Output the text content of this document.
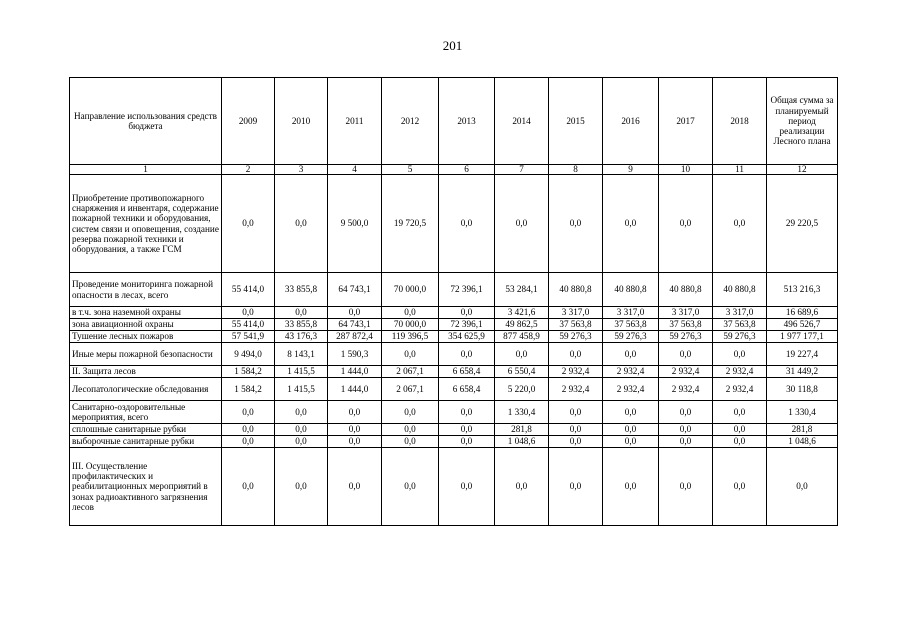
201
Направление использования средств бюджета	2009	2010	2011	2012	2013	2014	2015	2016	2017	2018	Общая сумма за планируемый период реализации Лесного плана
1	2	3	4	5	6	7	8	9	10	11	12
Приобретение противопожарного снаряжения и инвентаря, содержание пожарной техники и оборудования, систем связи и оповещения, создание резерва пожарной техники и оборудования, а также ГСМ	0,0	0,0	9 500,0	19 720,5	0,0	0,0	0,0	0,0	0,0	0,0	29 220,5
Проведение мониторинга пожарной опасности в лесах, всего	55 414,0	33 855,8	64 743,1	70 000,0	72 396,1	53 284,1	40 880,8	40 880,8	40 880,8	40 880,8	513 216,3
в т.ч. зона наземной охраны	0,0	0,0	0,0	0,0	0,0	3 421,6	3 317,0	3 317,0	3 317,0	3 317,0	16 689,6
зона авиационной охраны	55 414,0	33 855,8	64 743,1	70 000,0	72 396,1	49 862,5	37 563,8	37 563,8	37 563,8	37 563,8	496 526,7
Тушение лесных пожаров	57 541,9	43 176,3	287 872,4	119 396,5	354 625,9	877 458,9	59 276,3	59 276,3	59 276,3	59 276,3	1 977 177,1
Иные меры пожарной безопасности	9 494,0	8 143,1	1 590,3	0,0	0,0	0,0	0,0	0,0	0,0	0,0	19 227,4
II. Защита лесов	1 584,2	1 415,5	1 444,0	2 067,1	6 658,4	6 550,4	2 932,4	2 932,4	2 932,4	2 932,4	31 449,2
Лесопатологические обследования	1 584,2	1 415,5	1 444,0	2 067,1	6 658,4	5 220,0	2 932,4	2 932,4	2 932,4	2 932,4	30 118,8
Санитарно-оздоровительные мероприятия, всего	0,0	0,0	0,0	0,0	0,0	1 330,4	0,0	0,0	0,0	0,0	1 330,4
сплошные санитарные рубки	0,0	0,0	0,0	0,0	0,0	281,8	0,0	0,0	0,0	0,0	281,8
выборочные санитарные рубки	0,0	0,0	0,0	0,0	0,0	1 048,6	0,0	0,0	0,0	0,0	1 048,6
III. Осуществление профилактических и реабилитационных мероприятий в зонах радиоактивного загрязнения лесов	0,0	0,0	0,0	0,0	0,0	0,0	0,0	0,0	0,0	0,0	0,0
